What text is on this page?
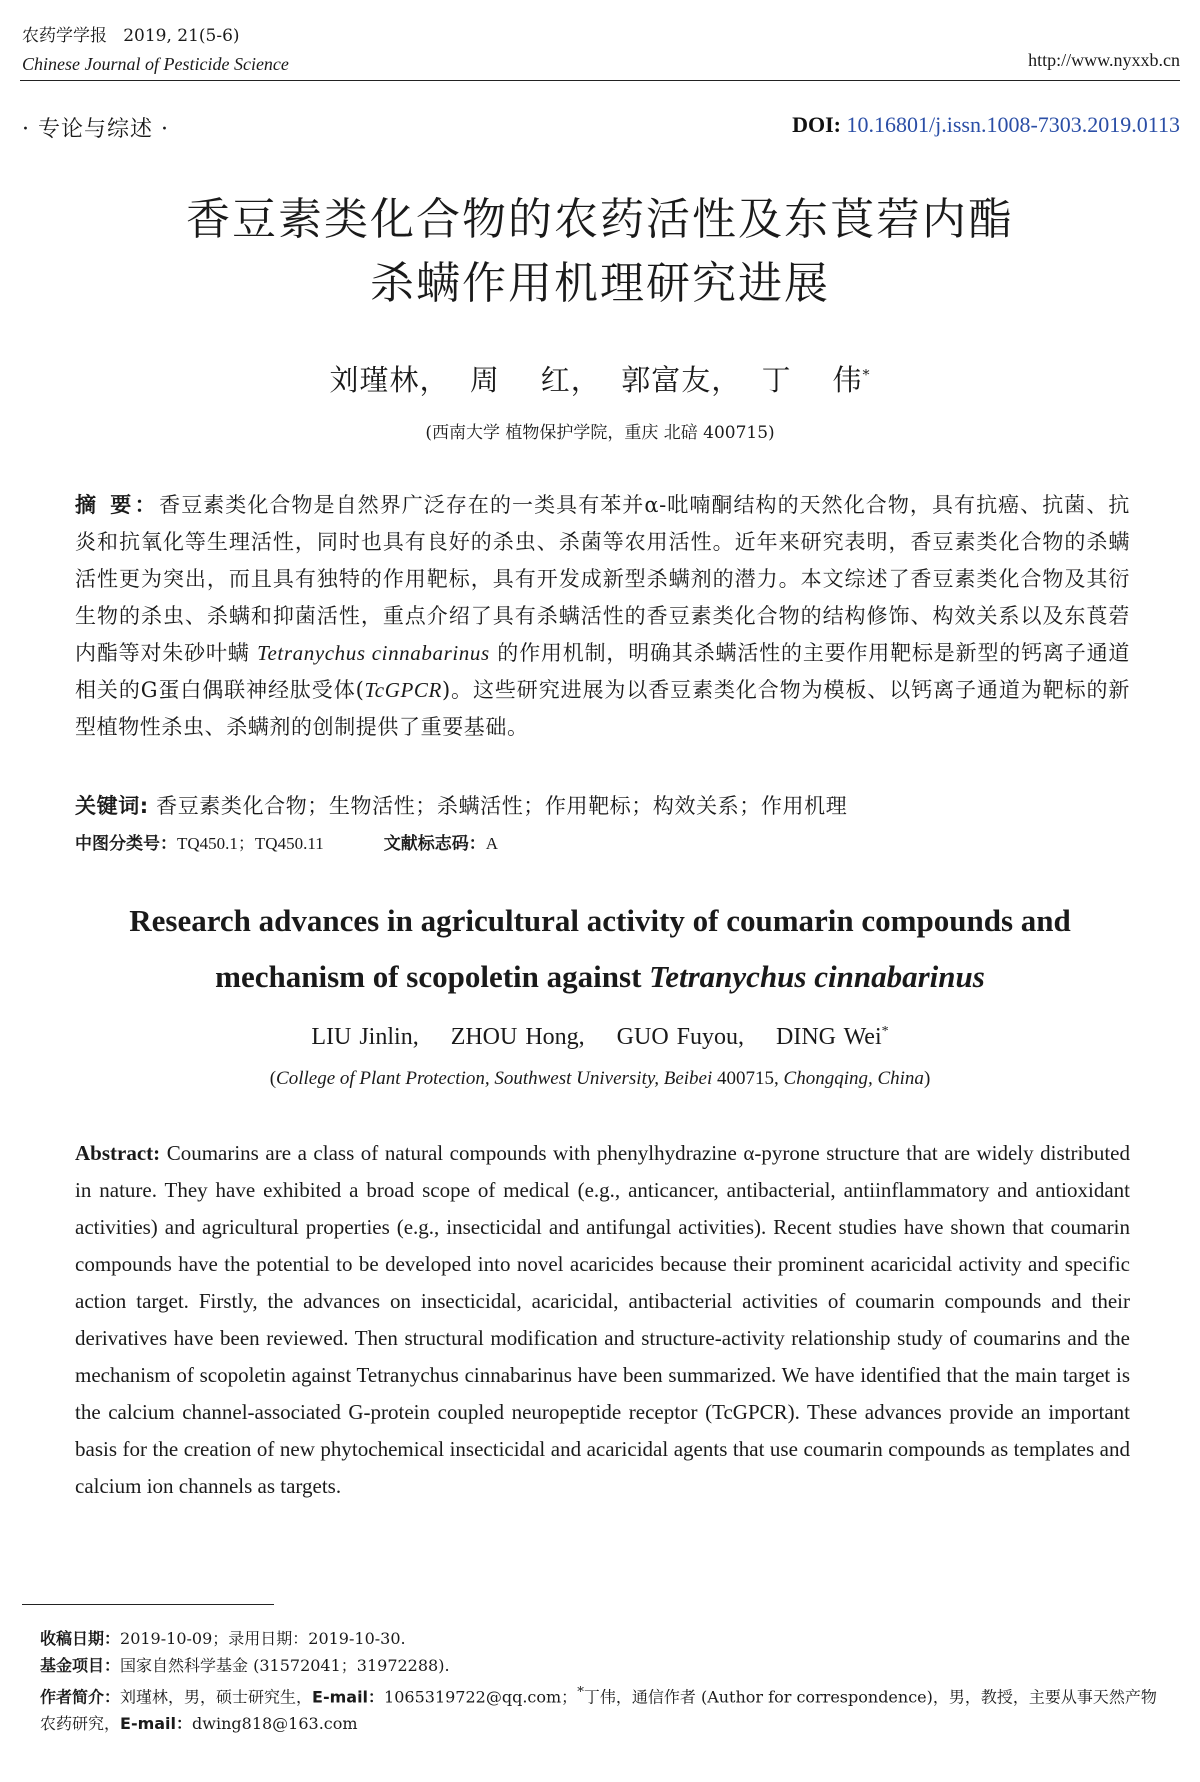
农药学学报 2019, 21(5-6)
Chinese Journal of Pesticide Science	http://www.nyxxb.cn
· 专论与综述 ·	DOI: 10.16801/j.issn.1008-7303.2019.0113
香豆素类化合物的农药活性及东莨菪内酯
杀螨作用机理研究进展
刘瑾林，  周    红，  郭富友，  丁    伟*
(西南大学 植物保护学院，重庆 北碚 400715)
摘 要：香豆素类化合物是自然界广泛存在的一类具有苯并α-吡喃酮结构的天然化合物，具有抗癌、抗菌、抗炎和抗氧化等生理活性，同时也具有良好的杀虫、杀菌等农用活性。近年来研究表明，香豆素类化合物的杀螨活性更为突出，而且具有独特的作用靶标，具有开发成新型杀螨剂的潜力。本文综述了香豆素类化合物及其衍生物的杀虫、杀螨和抑菌活性，重点介绍了具有杀螨活性的香豆素类化合物的结构修饰、构效关系以及东莨菪内酯等对朱砂叶螨 Tetranychus cinnabarinus 的作用机制，明确其杀螨活性的主要作用靶标是新型的钙离子通道相关的G蛋白偶联神经肽受体(TcGPCR)。这些研究进展为以香豆素类化合物为模板、以钙离子通道为靶标的新型植物性杀虫、杀螨剂的创制提供了重要基础。
关键词: 香豆素类化合物；生物活性；杀螨活性；作用靶标；构效关系；作用机理
中图分类号：TQ450.1；TQ450.11	文献标志码：A
Research advances in agricultural activity of coumarin compounds and
mechanism of scopoletin against Tetranychus cinnabarinus
LIU Jinlin,    ZHOU Hong,    GUO Fuyou,    DING Wei*
(College of Plant Protection, Southwest University, Beibei 400715, Chongqing, China)
Abstract: Coumarins are a class of natural compounds with phenylhydrazine α-pyrone structure that are widely distributed in nature. They have exhibited a broad scope of medical (e.g., anticancer, antibacterial, antiinflammatory and antioxidant activities) and agricultural properties (e.g., insecticidal and antifungal activities). Recent studies have shown that coumarin compounds have the potential to be developed into novel acaricides because their prominent acaricidal activity and specific action target. Firstly, the advances on insecticidal, acaricidal, antibacterial activities of coumarin compounds and their derivatives have been reviewed. Then structural modification and structure-activity relationship study of coumarins and the mechanism of scopoletin against Tetranychus cinnabarinus have been summarized. We have identified that the main target is the calcium channel-associated G-protein coupled neuropeptide receptor (TcGPCR). These advances provide an important basis for the creation of new phytochemical insecticidal and acaricidal agents that use coumarin compounds as templates and calcium ion channels as targets.
收稿日期：2019-10-09；录用日期：2019-10-30.
基金项目：国家自然科学基金 (31572041；31972288).
作者简介：刘瑾林，男，硕士研究生，E-mail：1065319722@qq.com；*丁伟，通信作者 (Author for correspondence)，男，教授，主要从事天然产物农药研究，E-mail：dwing818@163.com
